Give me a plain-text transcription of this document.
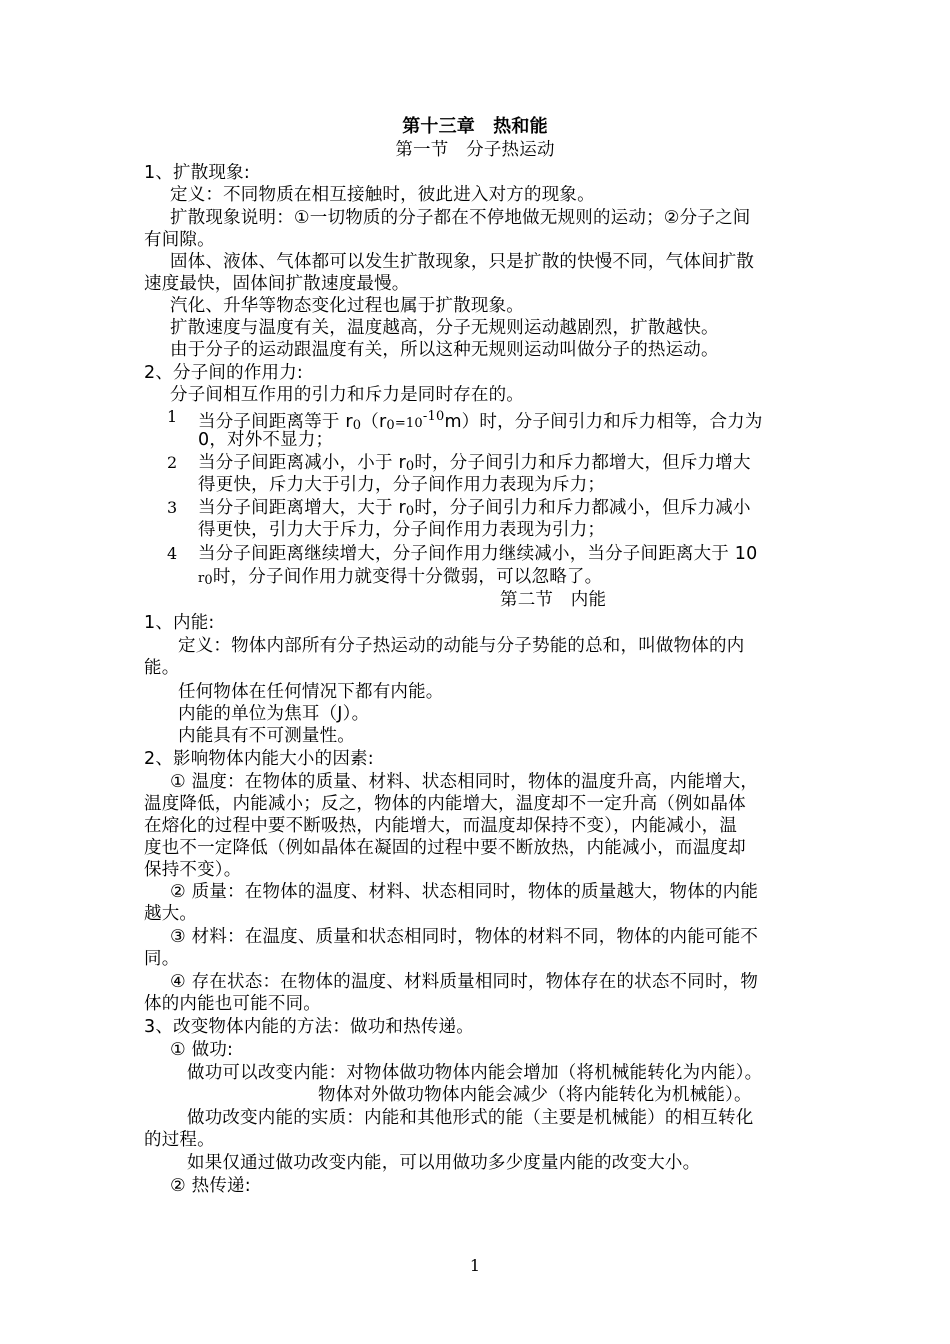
第十三章　热和能
第一节　分子热运动
1、扩散现象:
定义：不同物质在相互接触时，彼此进入对方的现象。
扩散现象说明：①一切物质的分子都在不停地做无规则的运动；②分子之间
有间隙。
固体、液体、气体都可以发生扩散现象，只是扩散的快慢不同，气体间扩散
速度最快，固体间扩散速度最慢。
汽化、升华等物态变化过程也属于扩散现象。
扩散速度与温度有关，温度越高，分子无规则运动越剧烈，扩散越快。
由于分子的运动跟温度有关，所以这种无规则运动叫做分子的热运动。
2、分子间的作用力:
分子间相互作用的引力和斥力是同时存在的。
1 当分子间距离等于 $r0(r0=10^{-10}m)$时，分子间引力和斥力相等，合力为
0，对外不显力；
2 当分子间距离减小，小于 r0时，分子间引力和斥力都增大，但斥力增大
得更快，斥力大于引力，分子间作用力表现为斥力；
3 当分子间距离增大，大于 r0时，分子间引力和斥力都减小，但斥力减小
得更快，引力大于斥力，分子间作用力表现为引力；
4 当分子间距离继续增大，分子间作用力继续减小，当分子间距离大于 10
r0时，分子间作用力就变得十分微弱，可以忽略了。
第二节　内能
1、内能:
定义：物体内部所有分子热运动的动能与分子势能的总和，叫做物体的内
能。
任何物体在任何情况下都有内能。
内能的单位为焦耳（J）。
内能具有不可测量性。
2、影响物体内能大小的因素:
① 温度：在物体的质量、材料、状态相同时，物体的温度升高，内能增大，
温度降低，内能减小；反之，物体的内能增大，温度却不一定升高（例如晶体
在熔化的过程中要不断吸热，内能增大，而温度却保持不变），内能减小，温
度也不一定降低（例如晶体在凝固的过程中要不断放热，内能减小，而温度却
保持不变）。
② 质量：在物体的温度、材料、状态相同时，物体的质量越大，物体的内能
越大。
③ 材料：在温度、质量和状态相同时，物体的材料不同，物体的内能可能不
同。
④ 存在状态：在物体的温度、材料质量相同时，物体存在的状态不同时，物
体的内能也可能不同。
3、改变物体内能的方法：做功和热传递。
① 做功:
做功可以改变内能：对物体做功物体内能会增加（将机械能转化为内能）。
物体对外做功物体内能会减少（将内能转化为机械能）。
做功改变内能的实质：内能和其他形式的能（主要是机械能）的相互转化
的过程。
如果仅通过做功改变内能，可以用做功多少度量内能的改变大小。
② 热传递:
1
